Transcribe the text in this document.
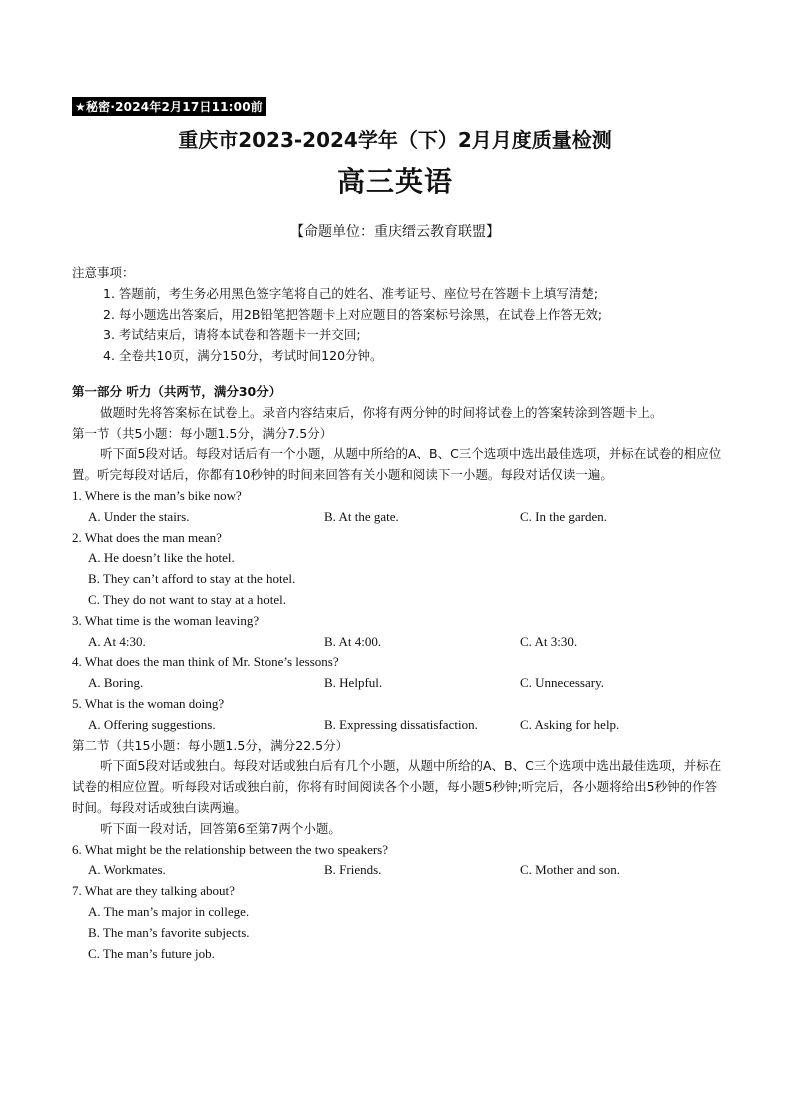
★秘密·2024年2月17日11:00前
重庆市2023-2024学年（下）2月月度质量检测
高三英语
【命题单位：重庆缙云教育联盟】
注意事项：
1. 答题前，考生务必用黑色签字笔将自己的姓名、准考证号、座位号在答题卡上填写清楚;
2. 每小题选出答案后，用2B铅笔把答题卡上对应题目的答案标号涂黑，在试卷上作答无效;
3. 考试结束后，请将本试卷和答题卡一并交回;
4. 全卷共10页，满分150分，考试时间120分钟。
第一部分 听力（共两节，满分30分）
做题时先将答案标在试卷上。录音内容结束后，你将有两分钟的时间将试卷上的答案转涂到答题卡上。
第一节（共5小题：每小题1.5分，满分7.5分）
听下面5段对话。每段对话后有一个小题，从题中所给的A、B、C三个选项中选出最佳选项，并标在试卷的相应位置。听完每段对话后，你都有10秒钟的时间来回答有关小题和阅读下一小题。每段对话仅读一遍。
1. Where is the man’s bike now?
A. Under the stairs.	B. At the gate.	C. In the garden.
2. What does the man mean?
A. He doesn’t like the hotel.
B. They can’t afford to stay at the hotel.
C. They do not want to stay at a hotel.
3. What time is the woman leaving?
A. At 4:30.	B. At 4:00.	C. At 3:30.
4. What does the man think of Mr. Stone’s lessons?
A. Boring.	B. Helpful.	C. Unnecessary.
5. What is the woman doing?
A. Offering suggestions.	B. Expressing dissatisfaction.	C. Asking for help.
第二节（共15小题：每小题1.5分，满分22.5分）
听下面5段对话或独白。每段对话或独白后有几个小题，从题中所给的A、B、C三个选项中选出最佳选项，并标在试卷的相应位置。听每段对话或独白前，你将有时间阅读各个小题，每小题5秒钟;听完后，各小题将给出5秒钟的作答时间。每段对话或独白读两遍。
听下面一段对话，回答第6至第7两个小题。
6. What might be the relationship between the two speakers?
A. Workmates.	B. Friends.	C. Mother and son.
7. What are they talking about?
A. The man’s major in college.
B. The man’s favorite subjects.
C. The man’s future job.
